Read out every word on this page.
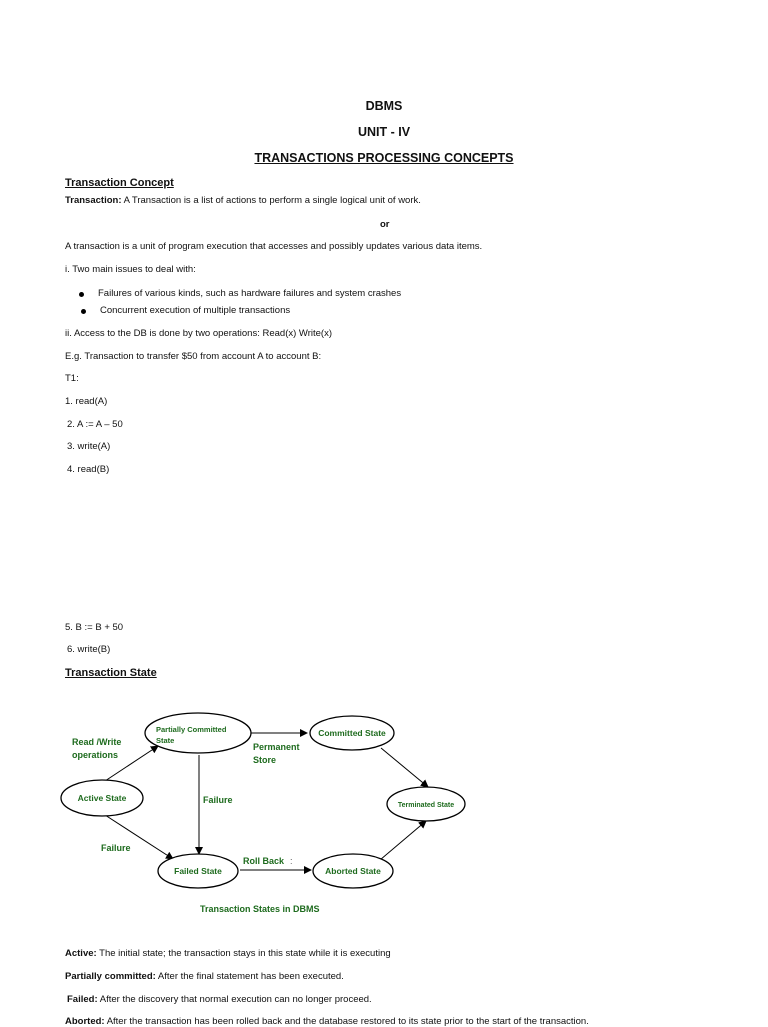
DBMS
UNIT - IV
TRANSACTIONS PROCESSING CONCEPTS
Transaction Concept
Transaction: A Transaction is a list of actions to perform a single logical unit of work.
or
A transaction is a unit of program execution that accesses and possibly updates various data items.
i. Two main issues to deal with:
Failures of various kinds, such as hardware failures and system crashes
Concurrent execution of multiple transactions
ii. Access to the DB is done by two operations: Read(x) Write(x)
E.g. Transaction to transfer $50 from account A to account B:
T1:
1. read(A)
2. A := A – 50
3. write(A)
4. read(B)
5. B := B + 50
6. write(B)
Transaction State
Partially Committed
State
Committed State
Active State
Terminated State
Failed State	Aborted State
Read /Write
operations
Permanent
Store
Failure
Failure
Roll Back :
Transaction States in DBMS
Active: The initial state; the transaction stays in this state while it is executing
Partially committed: After the final statement has been executed.
Failed: After the discovery that normal execution can no longer proceed.
Aborted: After the transaction has been rolled back and the database restored to its state prior to the start of the transaction.
